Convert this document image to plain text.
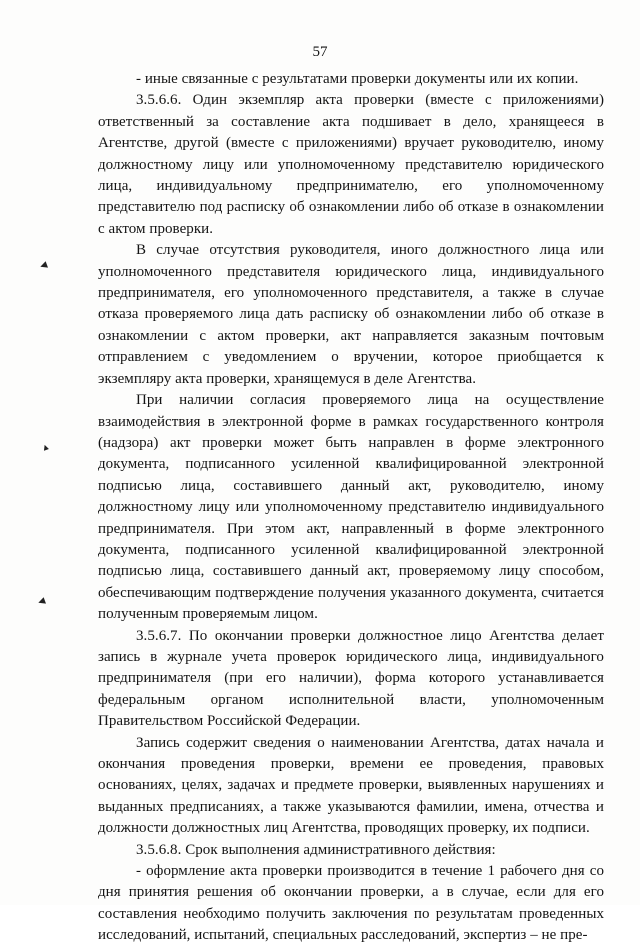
57

- иные связанные с результатами проверки документы или их копии.

3.5.6.6. Один экземпляр акта проверки (вместе с приложениями) ответственный за составление акта подшивает в дело, хранящееся в Агентстве, другой (вместе с приложениями) вручает руководителю, иному должностному лицу или уполномоченному представителю юридического лица, индивидуальному предпринимателю, его уполномоченному представителю под расписку об ознакомлении либо об отказе в ознакомлении с актом проверки.

В случае отсутствия руководителя, иного должностного лица или уполномоченного представителя юридического лица, индивидуального предпринимателя, его уполномоченного представителя, а также в случае отказа проверяемого лица дать расписку об ознакомлении либо об отказе в ознакомлении с актом проверки, акт направляется заказным почтовым отправлением с уведомлением о вручении, которое приобщается к экземпляру акта проверки, хранящемуся в деле Агентства.

При наличии согласия проверяемого лица на осуществление взаимодействия в электронной форме в рамках государственного контроля (надзора) акт проверки может быть направлен в форме электронного документа, подписанного усиленной квалифицированной электронной подписью лица, составившего данный акт, руководителю, иному должностному лицу или уполномоченному представителю индивидуального предпринимателя. При этом акт, направленный в форме электронного документа, подписанного усиленной квалифицированной электронной подписью лица, составившего данный акт, проверяемому лицу способом, обеспечивающим подтверждение получения указанного документа, считается полученным проверяемым лицом.

3.5.6.7. По окончании проверки должностное лицо Агентства делает запись в журнале учета проверок юридического лица, индивидуального предпринимателя (при его наличии), форма которого устанавливается федеральным органом исполнительной власти, уполномоченным Правительством Российской Федерации.

Запись содержит сведения о наименовании Агентства, датах начала и окончания проведения проверки, времени ее проведения, правовых основаниях, целях, задачах и предмете проверки, выявленных нарушениях и выданных предписаниях, а также указываются фамилии, имена, отчества и должности должностных лиц Агентства, проводящих проверку, их подписи.

3.5.6.8. Срок выполнения административного действия:

- оформление акта проверки производится в течение 1 рабочего дня со дня принятия решения об окончании проверки, а в случае, если для его составления необходимо получить заключения по результатам проведенных исследований, испытаний, специальных расследований, экспертиз – не пре-

◀
▲
◀
